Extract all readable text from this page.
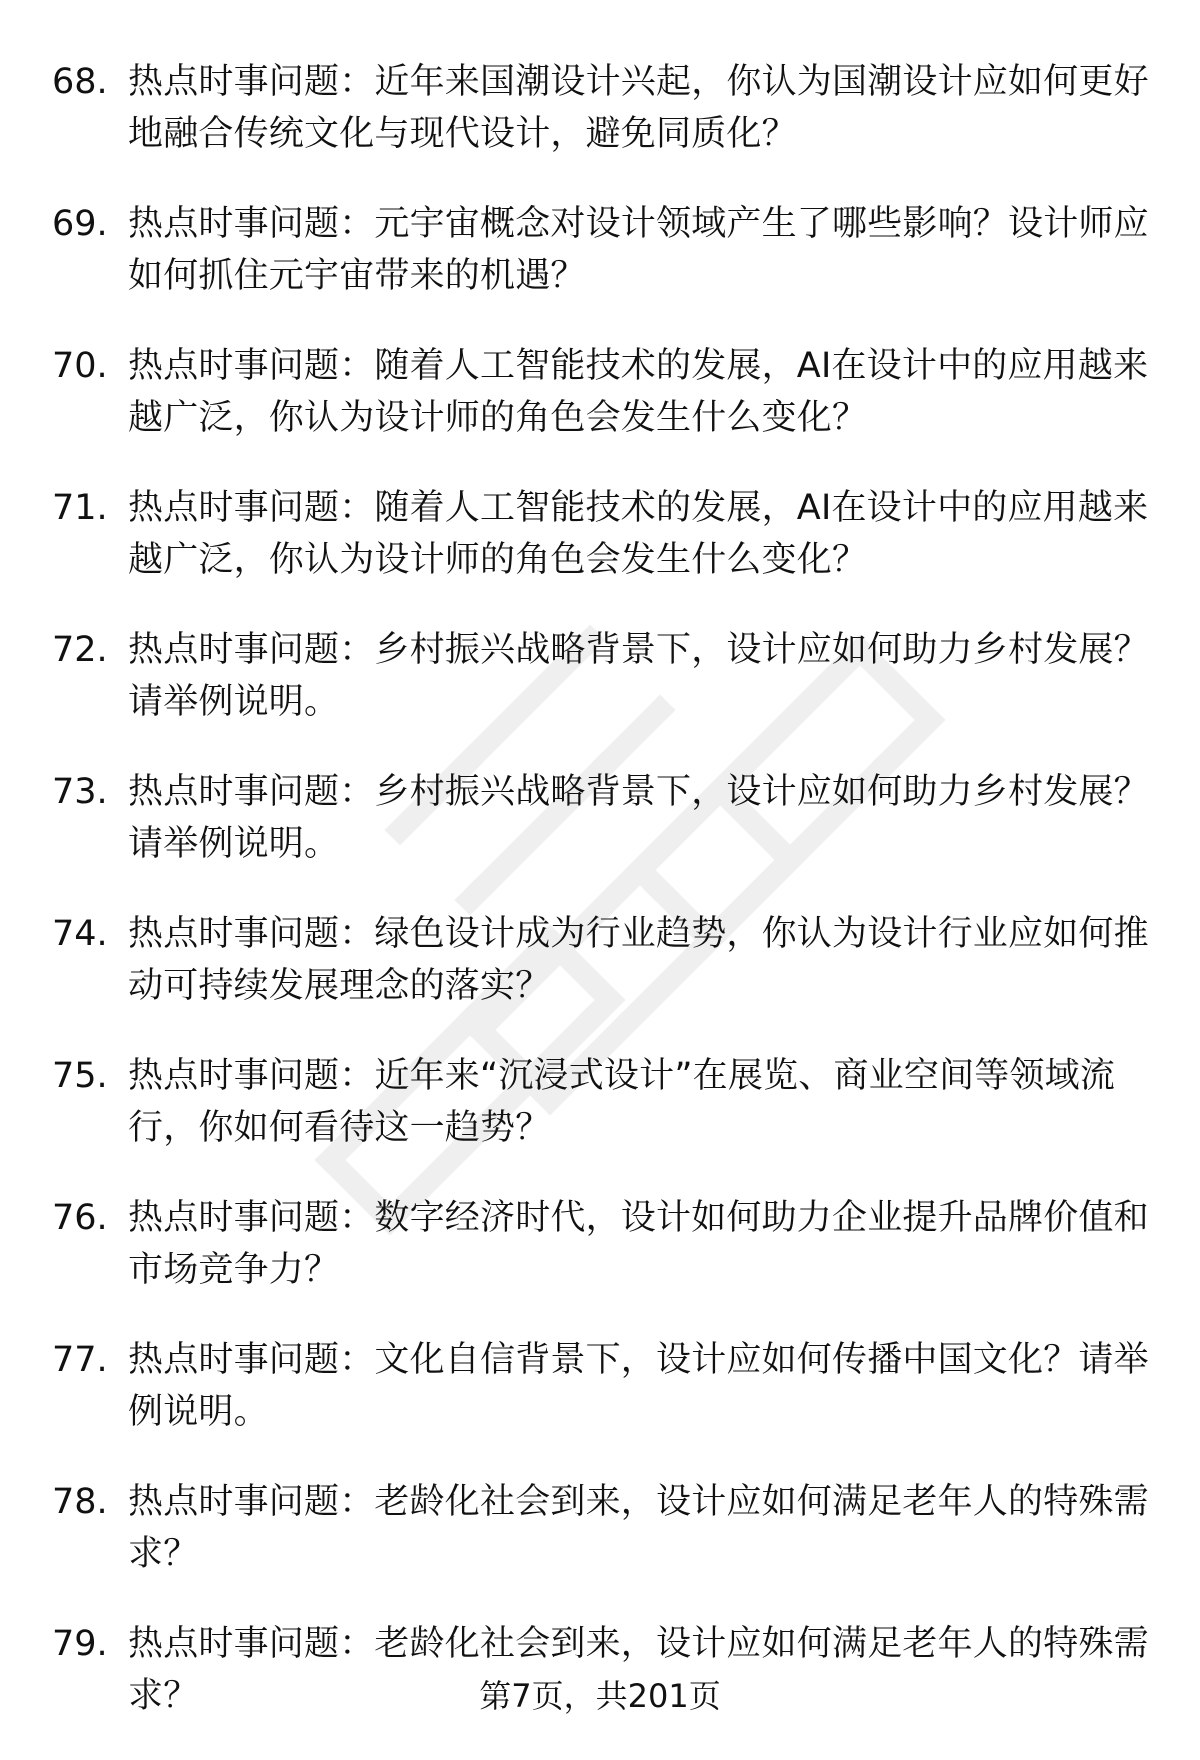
68. 热点时事问题：近年来国潮设计兴起，你认为国潮设计应如何更好地融合传统文化与现代设计，避免同质化？
69. 热点时事问题：元宇宙概念对设计领域产生了哪些影响？设计师应如何抓住元宇宙带来的机遇？
70. 热点时事问题：随着人工智能技术的发展，AI在设计中的应用越来越广泛，你认为设计师的角色会发生什么变化？
71. 热点时事问题：随着人工智能技术的发展，AI在设计中的应用越来越广泛，你认为设计师的角色会发生什么变化？
72. 热点时事问题：乡村振兴战略背景下，设计应如何助力乡村发展？请举例说明。
73. 热点时事问题：乡村振兴战略背景下，设计应如何助力乡村发展？请举例说明。
74. 热点时事问题：绿色设计成为行业趋势，你认为设计行业应如何推动可持续发展理念的落实？
75. 热点时事问题：近年来“沉浸式设计”在展览、商业空间等领域流行，你如何看待这一趋势？
76. 热点时事问题：数字经济时代，设计如何助力企业提升品牌价值和市场竞争力？
77. 热点时事问题：文化自信背景下，设计应如何传播中国文化？请举例说明。
78. 热点时事问题：老龄化社会到来，设计应如何满足老年人的特殊需求？
79. 热点时事问题：老龄化社会到来，设计应如何满足老年人的特殊需求？	第7页，共201页
